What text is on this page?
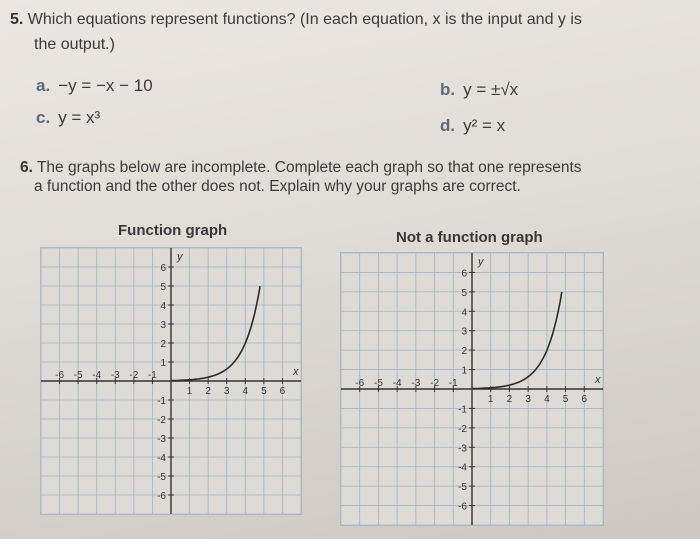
5. Which equations represent functions? (In each equation, x is the input and y is
the output.)
a. −y = −x − 10	b. y = ±√x
c. y = x³	d. y² = x
6. The graphs below are incomplete. Complete each graph so that one represents
a function and the other does not. Explain why your graphs are correct.
Function graph	Not a function graph
-6 -5 -4 -3 -2 -1
1 2 3 4 5 6
6
5
4
3
2
1
-1
-2
-3
-4
-5
-6
x
y
-6 -5 -4 -3 -2 -1
1 2 3 4 5 6
6
5
4
3
2
1
-1
-2
-3
-4
-5
-6
x
y
